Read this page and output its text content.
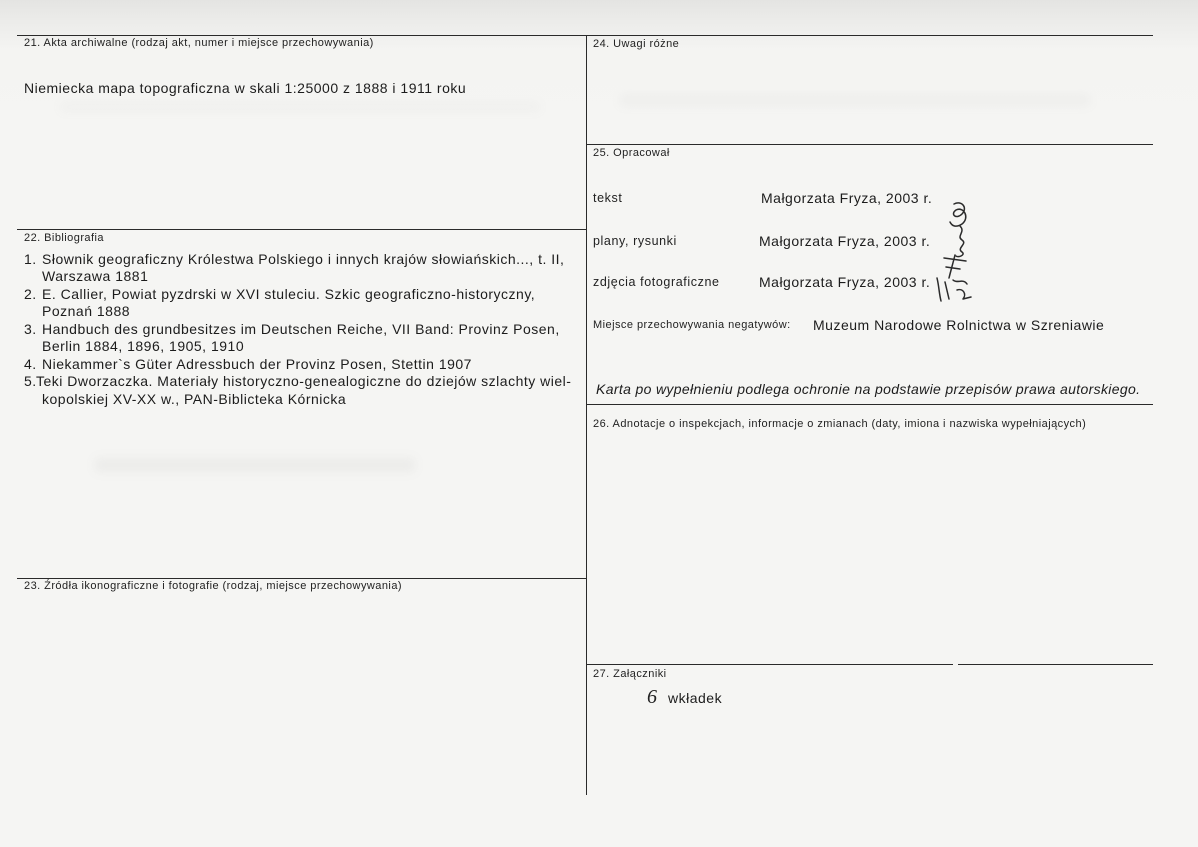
21. Akta archiwalne (rodzaj akt, numer i miejsce przechowywania)
Niemiecka mapa topograficzna w skali 1:25000 z 1888 i 1911 roku
22. Bibliografia
1. Słownik geograficzny Królestwa Polskiego i innych krajów słowiańskich..., t. II,
Warszawa 1881
2. E. Callier, Powiat pyzdrski w XVI stuleciu. Szkic geograficzno-historyczny,
Poznań 1888
3. Handbuch des grundbesitzes im Deutschen Reiche, VII Band: Provinz Posen,
Berlin 1884, 1896, 1905, 1910
4. Niekammer`s Güter Adressbuch der Provinz Posen, Stettin 1907
5. Teki Dworzaczka. Materiały historyczno-genealogiczne do dziejów szlachty wiel-
kopolskiej XV-XX w., PAN-Biblicteka Kórnicka
23. Źródła ikonograficzne i fotografie (rodzaj, miejsce przechowywania)
24. Uwagi różne
25. Opracował
tekst	Małgorzata Fryza, 2003 r.
plany, rysunki	Małgorzata Fryza, 2003 r.
zdjęcia fotograficzne	Małgorzata Fryza, 2003 r.
Miejsce przechowywania negatywów: Muzeum Narodowe Rolnictwa w Szreniawie
Karta po wypełnieniu podlega ochronie na podstawie przepisów prawa autorskiego.
26. Adnotacje o inspekcjach, informacje o zmianach (daty, imiona i nazwiska wypełniających)
27. Załączniki
6 wkładek
